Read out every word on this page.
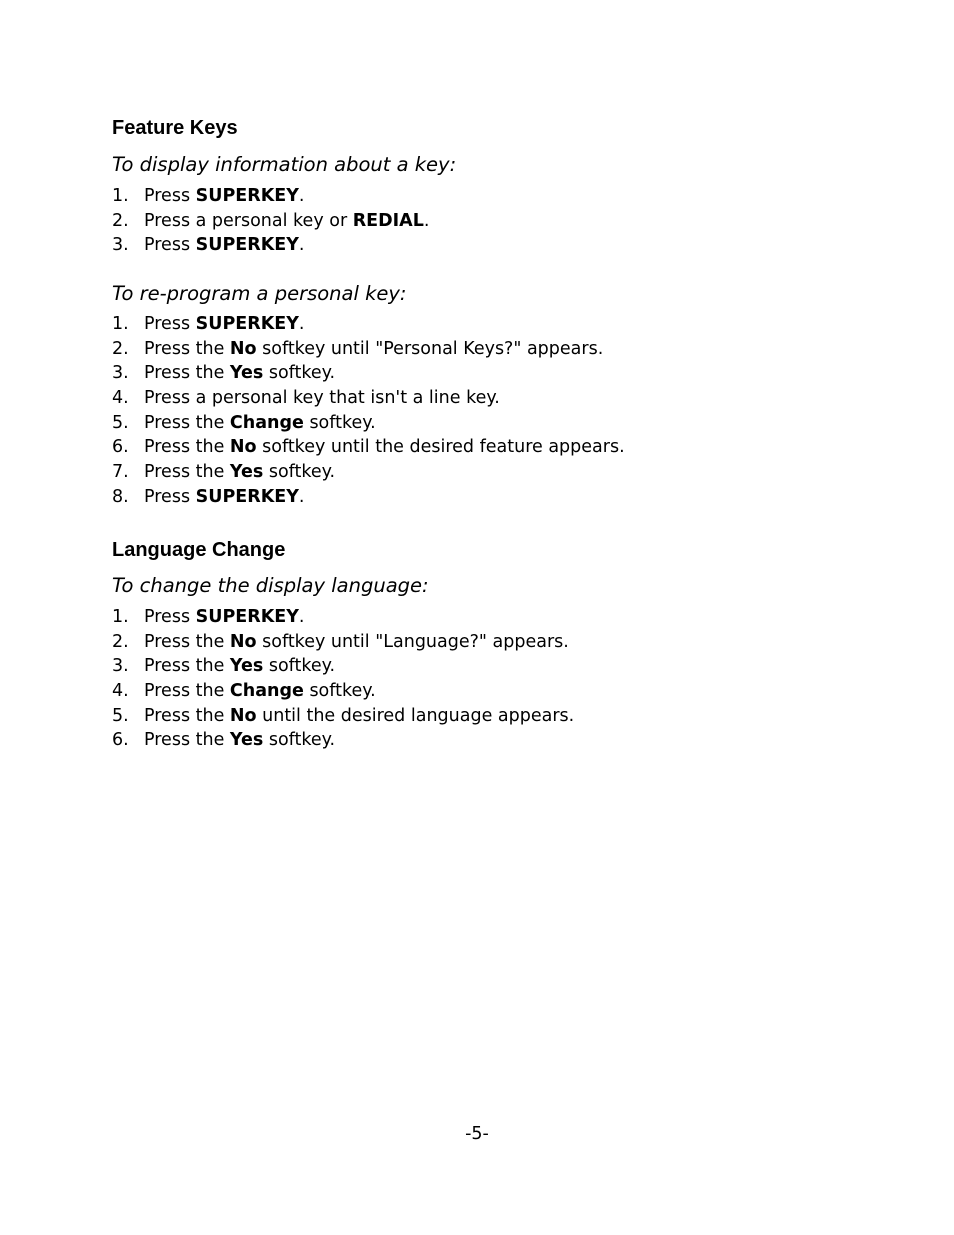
Feature Keys

To display information about a key:

1. Press SUPERKEY.
2. Press a personal key or REDIAL.
3. Press SUPERKEY.

To re-program a personal key:

1. Press SUPERKEY.
2. Press the No softkey until "Personal Keys?" appears.
3. Press the Yes softkey.
4. Press a personal key that isn't a line key.
5. Press the Change softkey.
6. Press the No softkey until the desired feature appears.
7. Press the Yes softkey.
8. Press SUPERKEY.
Language Change

To change the display language:

1. Press SUPERKEY.
2. Press the No softkey until "Language?" appears.
3. Press the Yes softkey.
4. Press the Change softkey.
5. Press the No until the desired language appears.
6. Press the Yes softkey.
-5-
